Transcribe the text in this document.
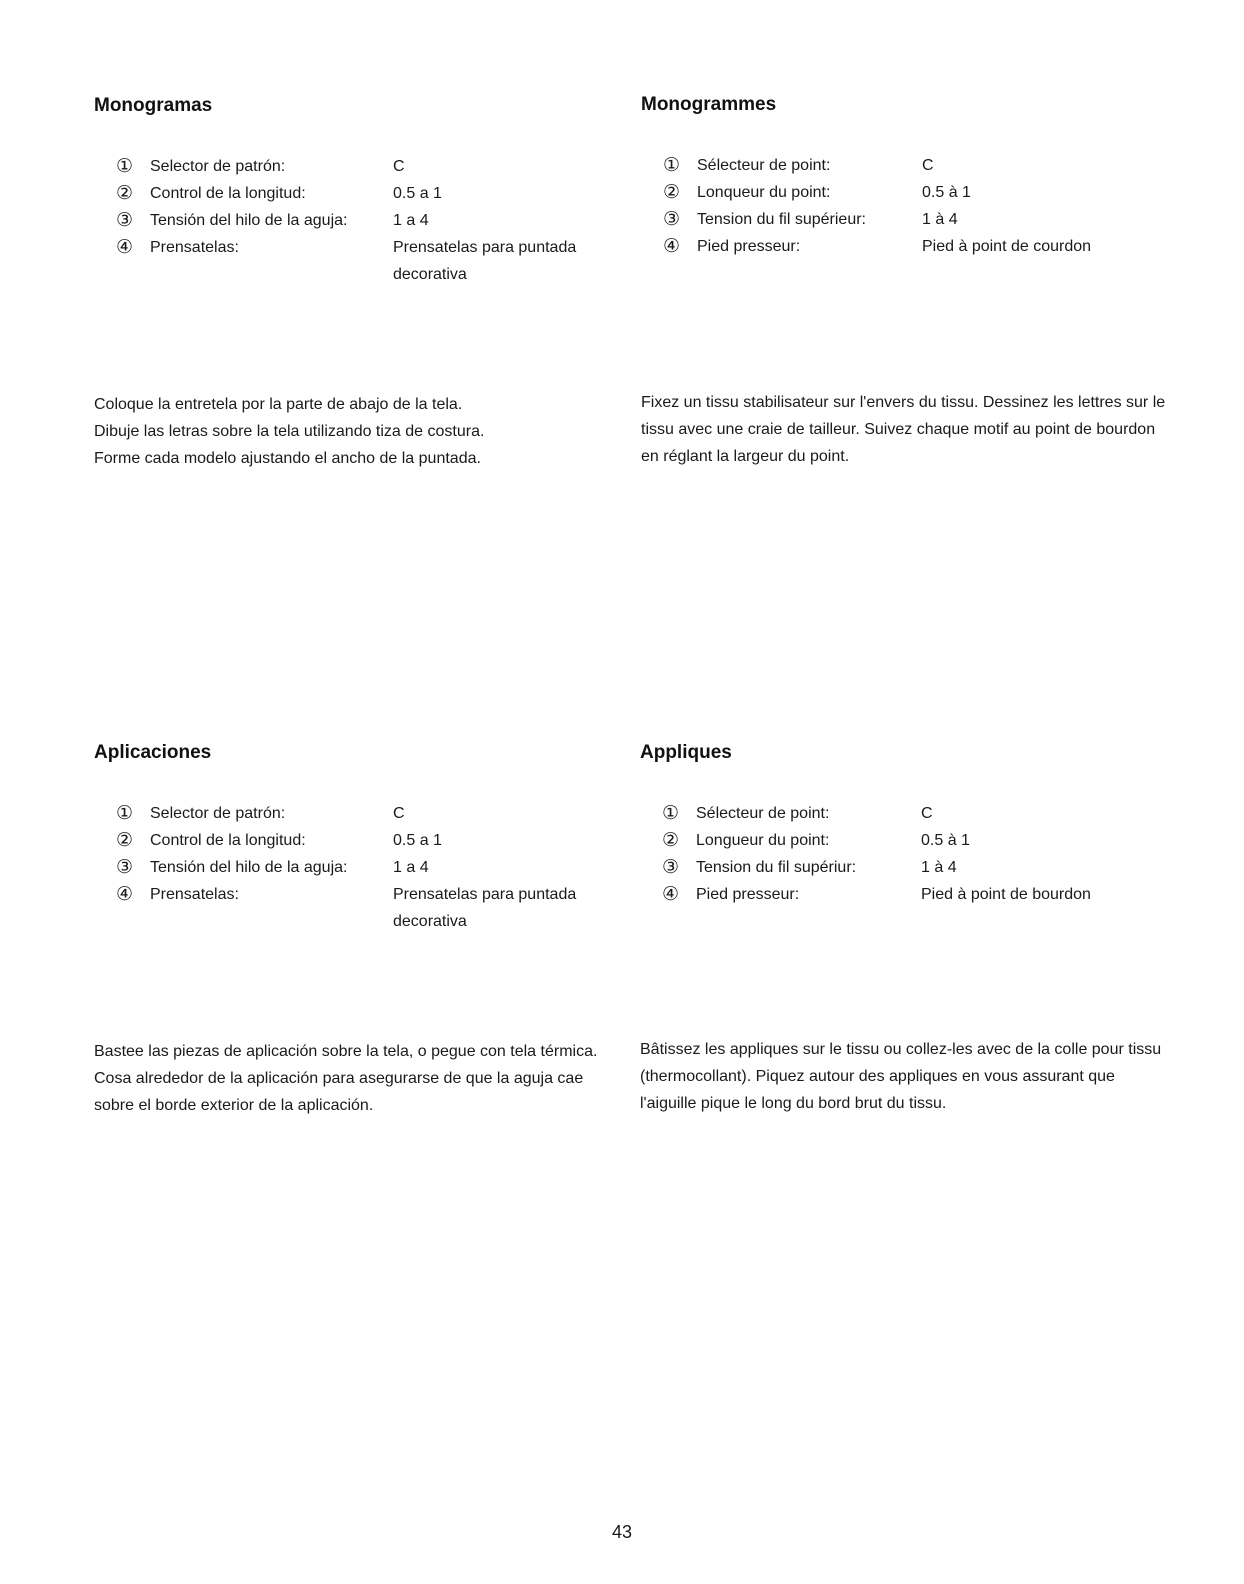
Monogramas
①	Selector de patrón:	C
②	Control de la longitud:	0.5 a 1
③	Tensión del hilo de la aguja:	1 a 4
④	Prensatelas:	Prensatelas para puntada decorativa
Coloque la entretela por la parte de abajo de la tela.
Dibuje las letras sobre la tela utilizando tiza de costura.
Forme cada modelo ajustando el ancho de la puntada.
Monogrammes
①	Sélecteur de point:	C
②	Lonqueur du point:	0.5 à 1
③	Tension du fil supérieur:	1 à 4
④	Pied presseur:	Pied à point de courdon
Fixez un tissu stabilisateur sur l'envers du tissu. Dessinez les lettres sur le tissu avec une craie de tailleur. Suivez chaque motif au point de bourdon en réglant la largeur du point.
Aplicaciones
①	Selector de patrón:	C
②	Control de la longitud:	0.5 a 1
③	Tensión del hilo de la aguja:	1 a 4
④	Prensatelas:	Prensatelas para puntada decorativa
Bastee las piezas de aplicación sobre la tela, o pegue con tela térmica. Cosa alrededor de la aplicación para asegurarse de que la aguja cae sobre el borde exterior de la aplicación.
Appliques
①	Sélecteur de point:	C
②	Longueur du point:	0.5 à 1
③	Tension du fil supériur:	1 à 4
④	Pied presseur:	Pied à point de bourdon
Bâtissez les appliques sur le tissu ou collez-les avec de la colle pour tissu (thermocollant). Piquez autour des appliques en vous assurant que l'aiguille pique le long du bord brut du tissu.
43
